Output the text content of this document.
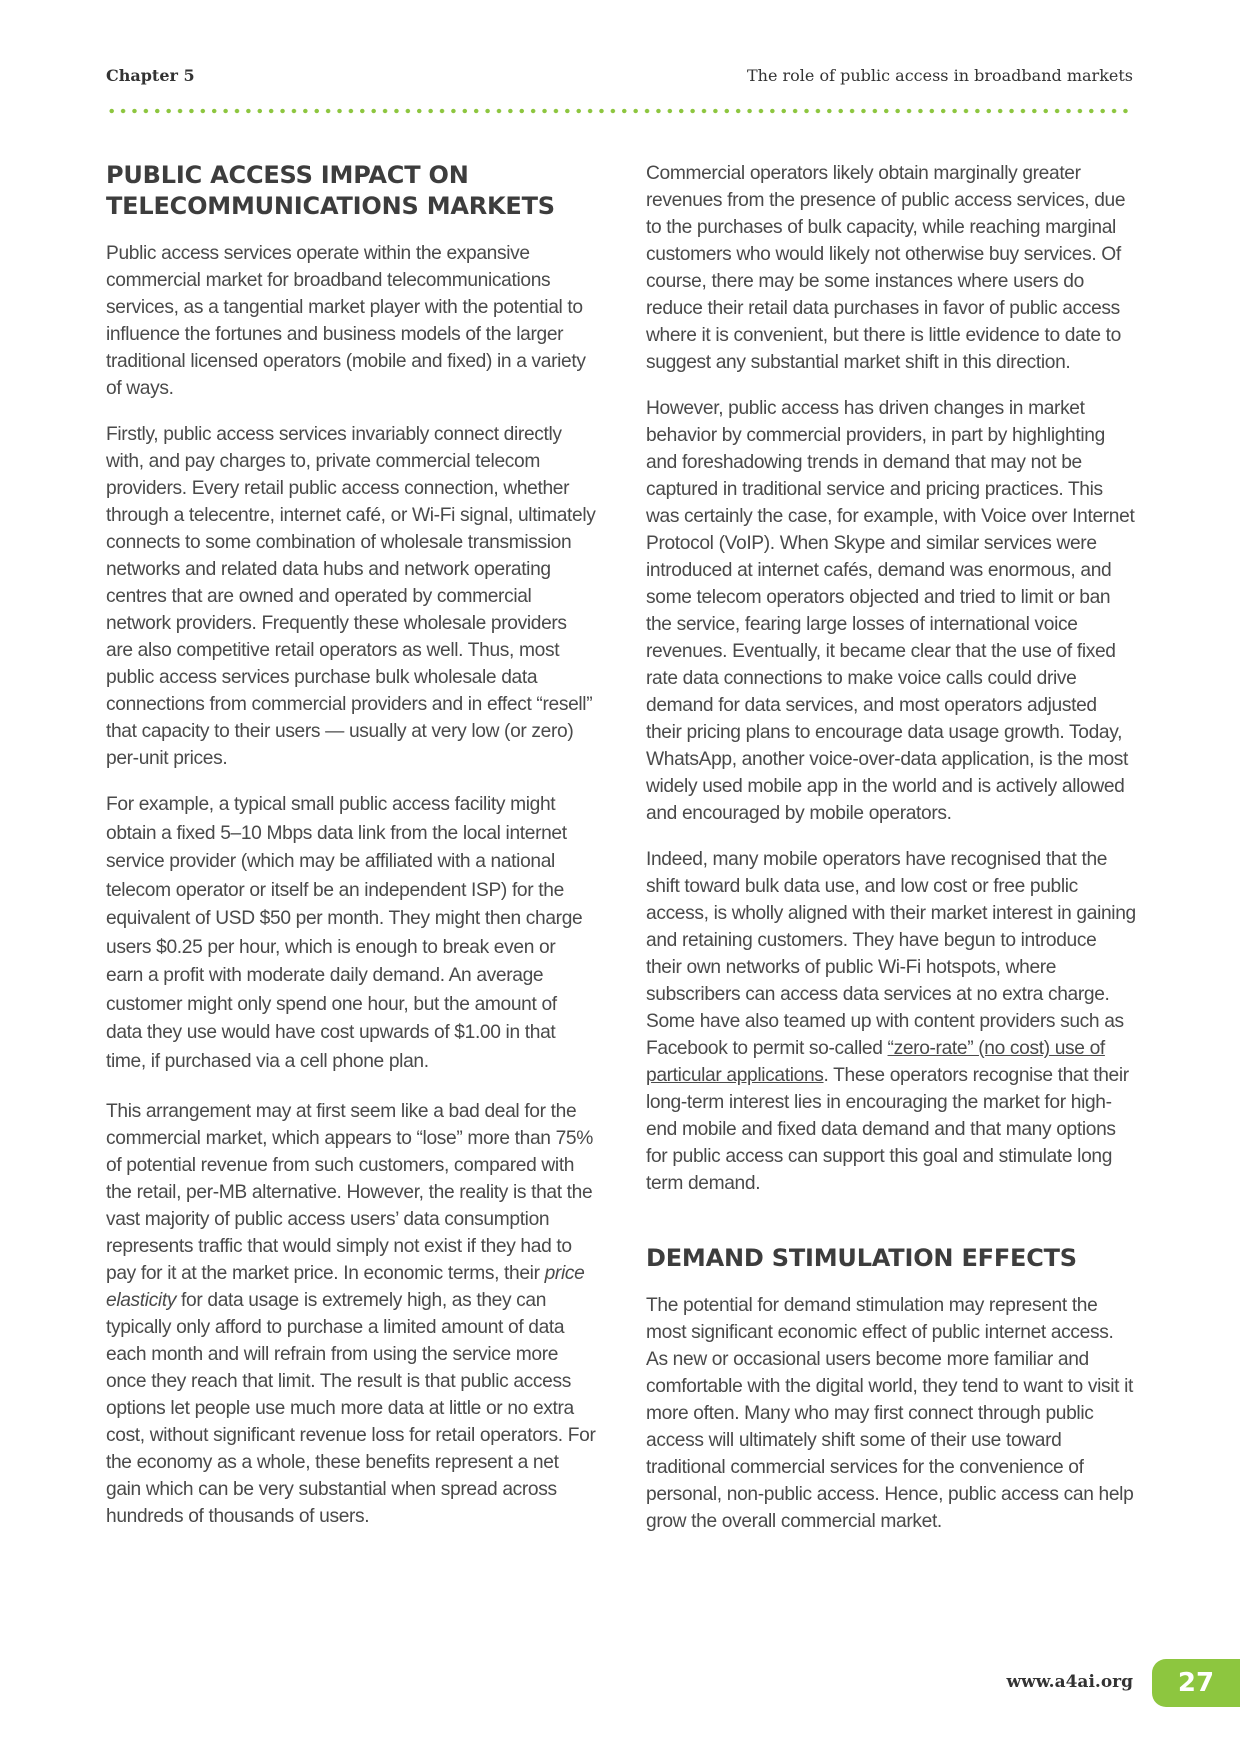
Chapter 5	The role of public access in broadband markets
PUBLIC ACCESS IMPACT ON TELECOMMUNICATIONS MARKETS

Public access services operate within the expansive commercial market for broadband telecommunications services, as a tangential market player with the potential to influence the fortunes and business models of the larger traditional licensed operators (mobile and fixed) in a variety of ways.

Firstly, public access services invariably connect directly with, and pay charges to, private commercial telecom providers. Every retail public access connection, whether through a telecentre, internet café, or Wi-Fi signal, ultimately connects to some combination of wholesale transmission networks and related data hubs and network operating centres that are owned and operated by commercial network providers. Frequently these wholesale providers are also competitive retail operators as well. Thus, most public access services purchase bulk wholesale data connections from commercial providers and in effect “resell” that capacity to their users — usually at very low (or zero) per-unit prices.

For example, a typical small public access facility might obtain a fixed 5–10 Mbps data link from the local internet service provider (which may be affiliated with a national telecom operator or itself be an independent ISP) for the equivalent of USD $50 per month. They might then charge users $0.25 per hour, which is enough to break even or earn a profit with moderate daily demand. An average customer might only spend one hour, but the amount of data they use would have cost upwards of $1.00 in that time, if purchased via a cell phone plan.

This arrangement may at first seem like a bad deal for the commercial market, which appears to “lose” more than 75% of potential revenue from such customers, compared with the retail, per-MB alternative. However, the reality is that the vast majority of public access users’ data consumption represents traffic that would simply not exist if they had to pay for it at the market price. In economic terms, their price elasticity for data usage is extremely high, as they can typically only afford to purchase a limited amount of data each month and will refrain from using the service more once they reach that limit. The result is that public access options let people use much more data at little or no extra cost, without significant revenue loss for retail operators. For the economy as a whole, these benefits represent a net gain which can be very substantial when spread across hundreds of thousands of users.

Commercial operators likely obtain marginally greater revenues from the presence of public access services, due to the purchases of bulk capacity, while reaching marginal customers who would likely not otherwise buy services. Of course, there may be some instances where users do reduce their retail data purchases in favor of public access where it is convenient, but there is little evidence to date to suggest any substantial market shift in this direction.

However, public access has driven changes in market behavior by commercial providers, in part by highlighting and foreshadowing trends in demand that may not be captured in traditional service and pricing practices. This was certainly the case, for example, with Voice over Internet Protocol (VoIP). When Skype and similar services were introduced at internet cafés, demand was enormous, and some telecom operators objected and tried to limit or ban the service, fearing large losses of international voice revenues. Eventually, it became clear that the use of fixed rate data connections to make voice calls could drive demand for data services, and most operators adjusted their pricing plans to encourage data usage growth. Today, WhatsApp, another voice-over-data application, is the most widely used mobile app in the world and is actively allowed and encouraged by mobile operators.

Indeed, many mobile operators have recognised that the shift toward bulk data use, and low cost or free public access, is wholly aligned with their market interest in gaining and retaining customers. They have begun to introduce their own networks of public Wi-Fi hotspots, where subscribers can access data services at no extra charge. Some have also teamed up with content providers such as Facebook to permit so-called “zero-rate” (no cost) use of particular applications. These operators recognise that their long-term interest lies in encouraging the market for high-end mobile and fixed data demand and that many options for public access can support this goal and stimulate long term demand.

DEMAND STIMULATION EFFECTS

The potential for demand stimulation may represent the most significant economic effect of public internet access. As new or occasional users become more familiar and comfortable with the digital world, they tend to want to visit it more often. Many who may first connect through public access will ultimately shift some of their use toward traditional commercial services for the convenience of personal, non-public access. Hence, public access can help grow the overall commercial market.

www.a4ai.org	27
